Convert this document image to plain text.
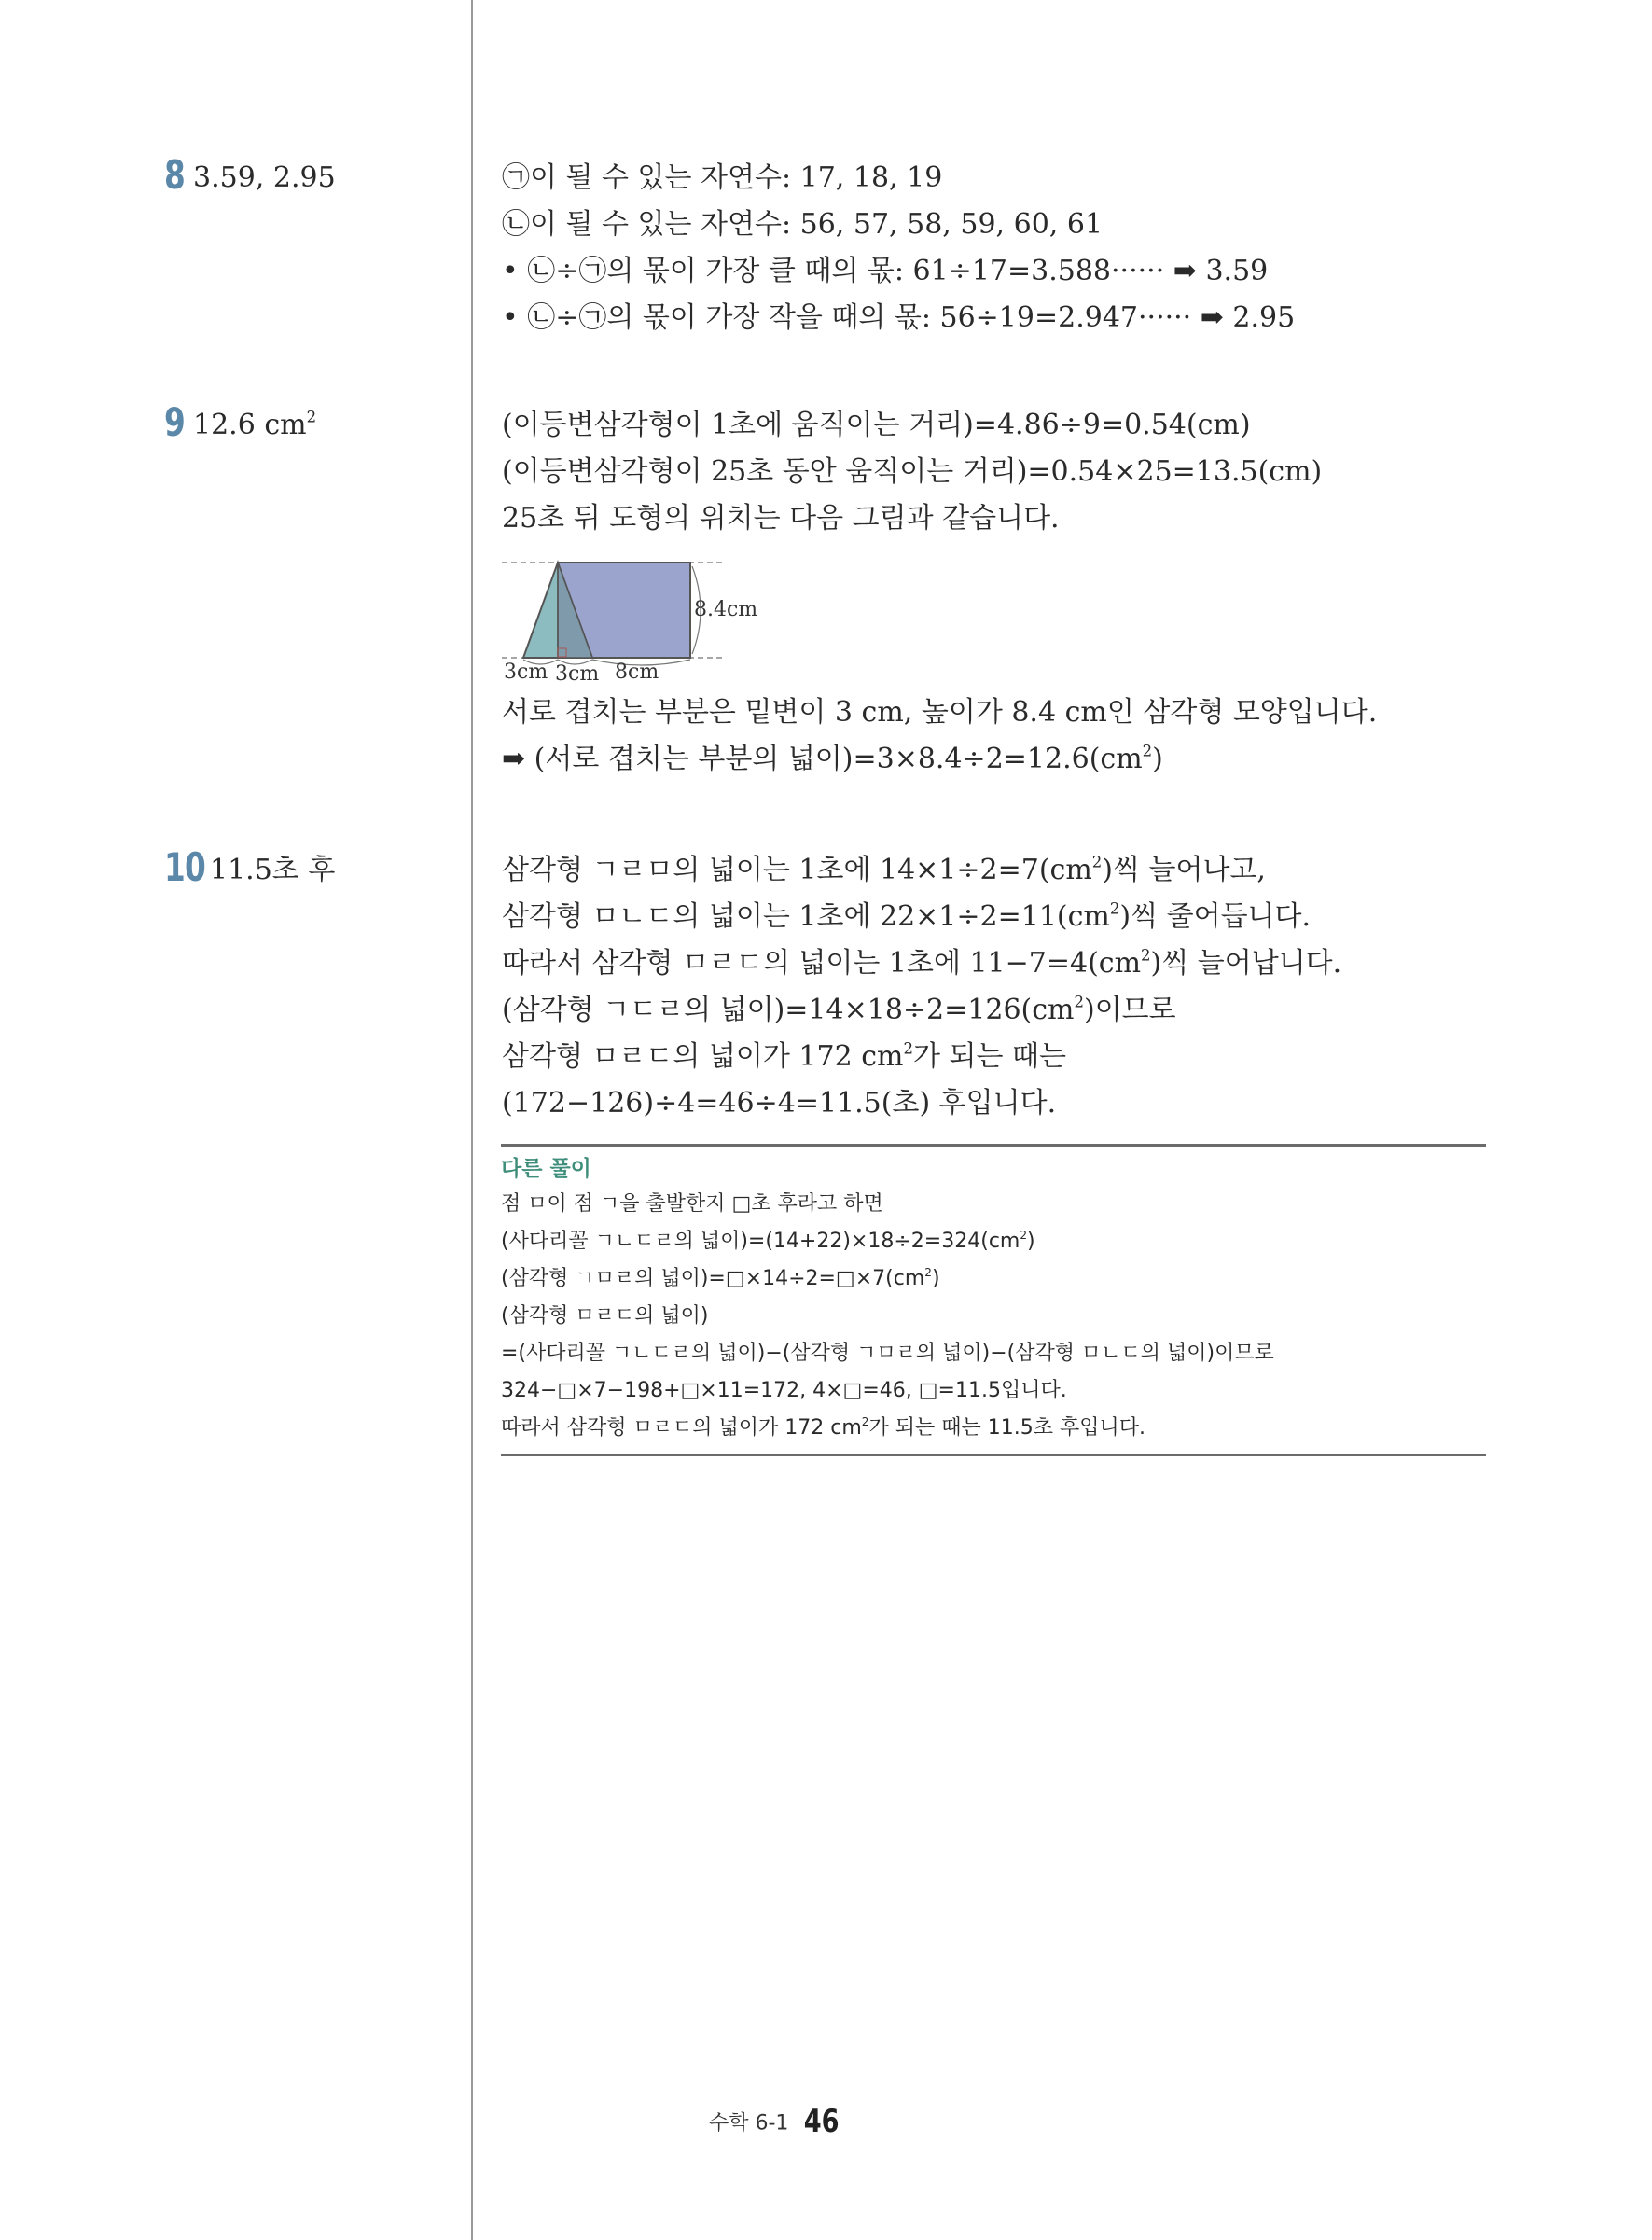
8 3.59, 2.95	㉠이 될 수 있는 자연수: 17, 18, 19
㉡이 될 수 있는 자연수: 56, 57, 58, 59, 60, 61
• ㉡÷㉠의 몫이 가장 클 때의 몫: 61÷17=3.588······ ➡ 3.59
• ㉡÷㉠의 몫이 가장 작을 때의 몫: 56÷19=2.947······ ➡ 2.95
9 12.6 $cm^2$	(이등변삼각형이 1초에 움직이는 거리)=4.86÷9=0.54(cm)
(이등변삼각형이 25초 동안 움직이는 거리)=0.54×25=13.5(cm)
25초 뒤 도형의 위치는 다음 그림과 같습니다.
8.4cm
3cm 3cm 8cm
서로 겹치는 부분은 밑변이 3 cm, 높이가 8.4 cm인 삼각형 모양입니다.
➡ (서로 겹치는 부분의 넓이)$=3\times 8.4\div 2=12.6(cm^2)$
10 11.5초 후	삼각형 ㄱㄹㅁ의 넓이는 1초에 $14\times 1\div 2=7(cm^2)$씩 늘어나고,
삼각형 ㅁㄴㄷ의 넓이는 1초에 $22\times 1\div 2=11(cm^2)$씩 줄어듭니다.
따라서 삼각형 ㅁㄹㄷ의 넓이는 1초에 $11-7=4(cm^2)$씩 늘어납니다.
(삼각형 ㄱㄷㄹ의 넓이)$=14\times 18\div 2=126(cm^2)$이므로
삼각형 ㅁㄹㄷ의 넓이가 172 $cm^2$가 되는 때는
(172−126)÷4=46÷4=11.5(초) 후입니다.
다른 풀이
점 ㅁ이 점 ㄱ을 출발한지 □초 후라고 하면
(사다리꼴 ㄱㄴㄷㄹ의 넓이)$=(14+22)\times 18\div 2=324(cm^2)$
(삼각형 ㄱㅁㄹ의 넓이)$=□\times 14\div 2=□\times 7(cm^2)$
(삼각형 ㅁㄹㄷ의 넓이)
=(사다리꼴 ㄱㄴㄷㄹ의 넓이)−(삼각형 ㄱㅁㄹ의 넓이)−(삼각형 ㅁㄴㄷ의 넓이)이므로
324−□×7−198+□×11=172, 4×□=46, □=11.5입니다.
따라서 삼각형 ㅁㄹㄷ의 넓이가 172 $cm^2$가 되는 때는 11.5초 후입니다.
수학 6-1 46
